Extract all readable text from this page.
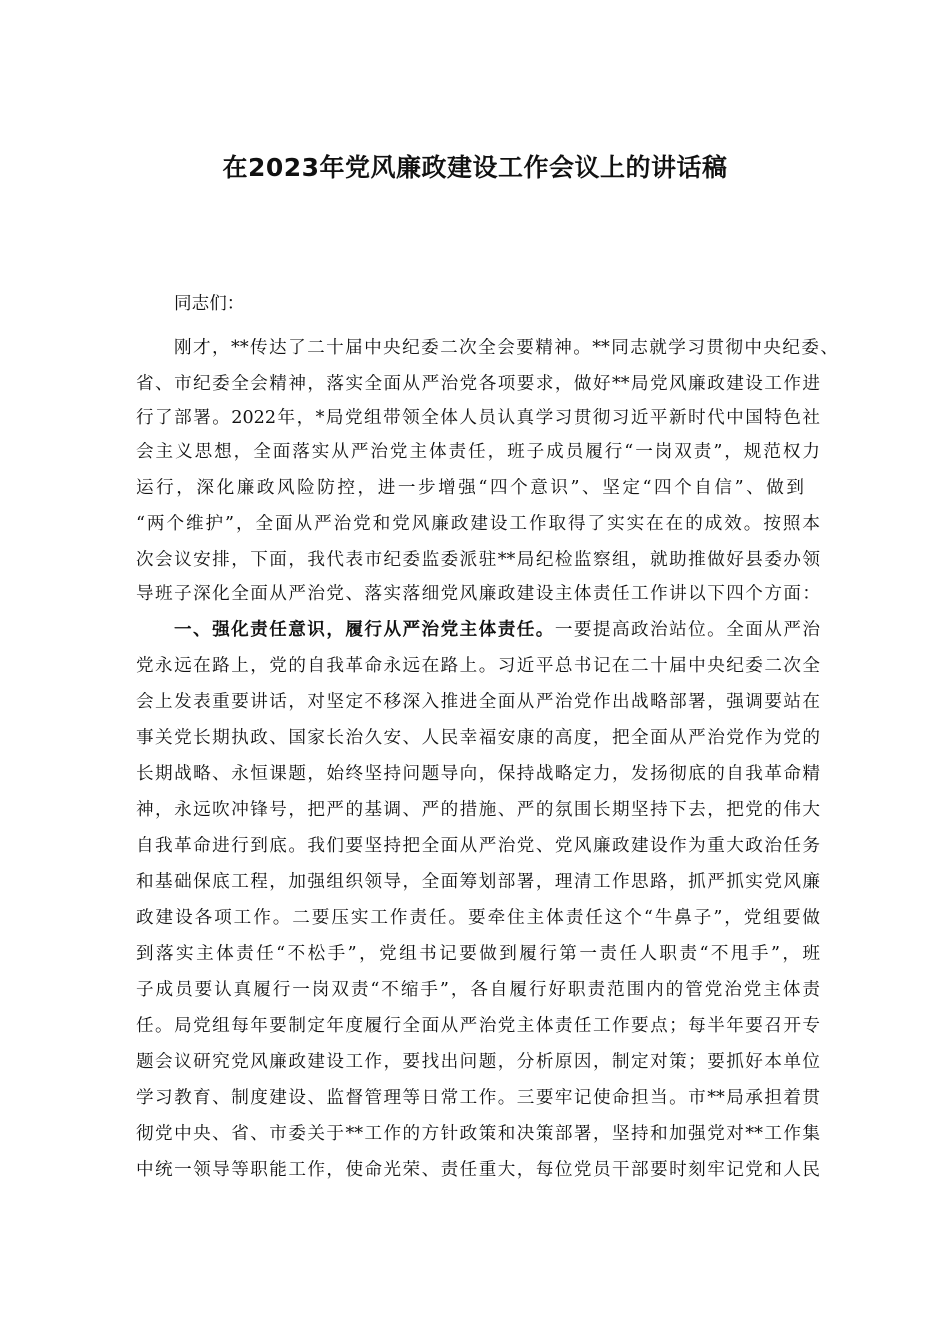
在2023年党风廉政建设工作会议上的讲话稿
同志们：
刚才，**传达了二十届中央纪委二次全会要精神。**同志就学习贯彻中央纪委、
省、市纪委全会精神，落实全面从严治党各项要求，做好**局党风廉政建设工作进
行了部署。2022年，*局党组带领全体人员认真学习贯彻习近平新时代中国特色社
会主义思想，全面落实从严治党主体责任，班子成员履行“一岗双责”，规范权力
运行，深化廉政风险防控，进一步增强“四个意识”、坚定“四个自信”、做到
“两个维护”，全面从严治党和党风廉政建设工作取得了实实在在的成效。按照本
次会议安排，下面，我代表市纪委监委派驻**局纪检监察组，就助推做好县委办领
导班子深化全面从严治党、落实落细党风廉政建设主体责任工作讲以下四个方面：
一、强化责任意识，履行从严治党主体责任。一要提高政治站位。全面从严治
党永远在路上，党的自我革命永远在路上。习近平总书记在二十届中央纪委二次全
会上发表重要讲话，对坚定不移深入推进全面从严治党作出战略部署，强调要站在
事关党长期执政、国家长治久安、人民幸福安康的高度，把全面从严治党作为党的
长期战略、永恒课题，始终坚持问题导向，保持战略定力，发扬彻底的自我革命精
神，永远吹冲锋号，把严的基调、严的措施、严的氛围长期坚持下去，把党的伟大
自我革命进行到底。我们要坚持把全面从严治党、党风廉政建设作为重大政治任务
和基础保底工程，加强组织领导，全面筹划部署，理清工作思路，抓严抓实党风廉
政建设各项工作。二要压实工作责任。要牵住主体责任这个“牛鼻子”，党组要做
到落实主体责任“不松手”，党组书记要做到履行第一责任人职责“不甩手”，班
子成员要认真履行一岗双责“不缩手”，各自履行好职责范围内的管党治党主体责
任。局党组每年要制定年度履行全面从严治党主体责任工作要点；每半年要召开专
题会议研究党风廉政建设工作，要找出问题，分析原因，制定对策；要抓好本单位
学习教育、制度建设、监督管理等日常工作。三要牢记使命担当。市**局承担着贯
彻党中央、省、市委关于**工作的方针政策和决策部署，坚持和加强党对**工作集
中统一领导等职能工作，使命光荣、责任重大，每位党员干部要时刻牢记党和人民
